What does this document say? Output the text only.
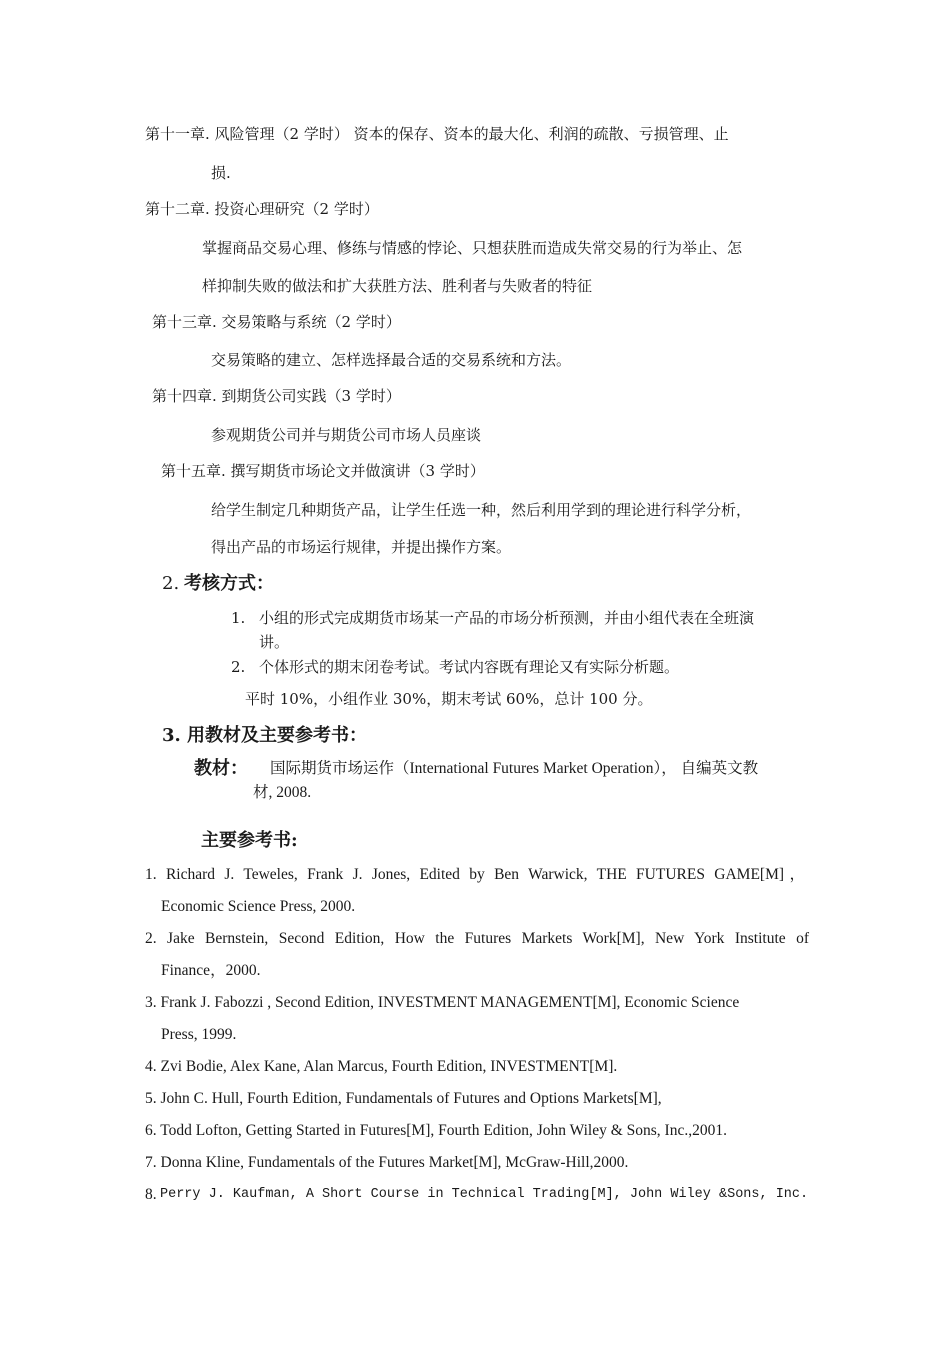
第十一章. 风险管理（2 学时） 资本的保存、资本的最大化、利润的疏散、亏损管理、止
损.
第十二章. 投资心理研究（2 学时）
掌握商品交易心理、修练与情感的悖论、只想获胜而造成失常交易的行为举止、怎
样抑制失败的做法和扩大获胜方法、胜利者与失败者的特征
第十三章. 交易策略与系统（2 学时）
交易策略的建立、怎样选择最合适的交易系统和方法。
第十四章. 到期货公司实践（3 学时）
参观期货公司并与期货公司市场人员座谈
第十五章. 撰写期货市场论文并做演讲（3 学时）
给学生制定几种期货产品，让学生任选一种，然后利用学到的理论进行科学分析，
得出产品的市场运行规律，并提出操作方案。
2. 考核方式：
1. 小组的形式完成期货市场某一产品的市场分析预测，并由小组代表在全班演
讲。
2. 个体形式的期末闭卷考试。考试内容既有理论又有实际分析题。
平时 10%，小组作业 30%，期末考试 60%，总计 100 分。
3. 用教材及主要参考书：
教材： 国际期货市场运作（International Futures Market Operation）， 自编英文教
材, 2008.
主要参考书:
1. Richard J. Teweles, Frank J. Jones, Edited by Ben Warwick, THE FUTURES GAME[M]，
Economic Science Press, 2000.
2. Jake Bernstein, Second Edition, How the Futures Markets Work[M], New York Institute of
Finance，2000.
3. Frank J. Fabozzi , Second Edition, INVESTMENT MANAGEMENT[M], Economic Science
Press, 1999.
4. Zvi Bodie, Alex Kane, Alan Marcus, Fourth Edition, INVESTMENT[M].
5. John C. Hull, Fourth Edition, Fundamentals of Futures and Options Markets[M],
6. Todd Lofton, Getting Started in Futures[M], Fourth Edition, John Wiley & Sons, Inc.,2001.
7. Donna Kline, Fundamentals of the Futures Market[M], McGraw-Hill,2000.
8. Perry J. Kaufman, A Short Course in Technical Trading[M], John Wiley &Sons, Inc.
